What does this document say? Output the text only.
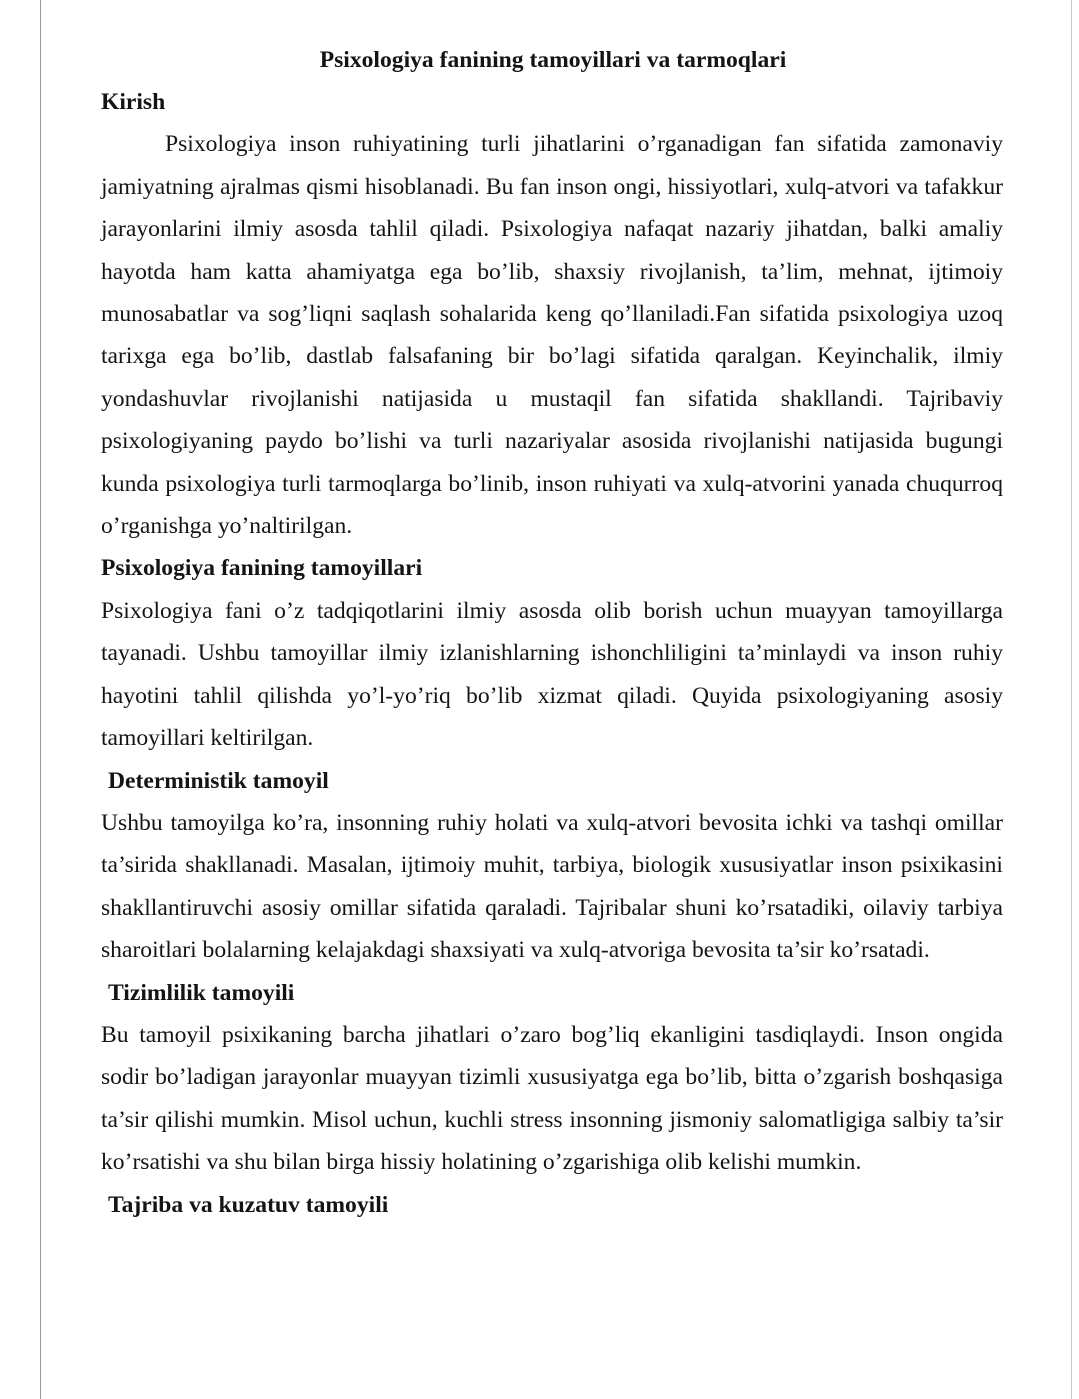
Psixologiya fanining tamoyillari va tarmoqlari
Kirish

Psixologiya inson ruhiyatining turli jihatlarini o’rganadigan fan sifatida zamonaviy jamiyatning ajralmas qismi hisoblanadi. Bu fan inson ongi, hissiyotlari, xulq-atvori va tafakkur jarayonlarini ilmiy asosda tahlil qiladi. Psixologiya nafaqat nazariy jihatdan, balki amaliy hayotda ham katta ahamiyatga ega bo’lib, shaxsiy rivojlanish, ta’lim, mehnat, ijtimoiy munosabatlar va sog’liqni saqlash sohalarida keng qo’llaniladi.Fan sifatida psixologiya uzoq tarixga ega bo’lib, dastlab falsafaning bir bo’lagi sifatida qaralgan. Keyinchalik, ilmiy yondashuvlar rivojlanishi natijasida u mustaqil fan sifatida shakllandi. Tajribaviy psixologiyaning paydo bo’lishi va turli nazariyalar asosida rivojlanishi natijasida bugungi kunda psixologiya turli tarmoqlarga bo’linib, inson ruhiyati va xulq-atvorini yanada chuqurroq o’rganishga yo’naltirilgan.

Psixologiya fanining tamoyillari

Psixologiya fani o’z tadqiqotlarini ilmiy asosda olib borish uchun muayyan tamoyillarga tayanadi. Ushbu tamoyillar ilmiy izlanishlarning ishonchliligini ta’minlaydi va inson ruhiy hayotini tahlil qilishda yo’l-yo’riq bo’lib xizmat qiladi. Quyida psixologiyaning asosiy tamoyillari keltirilgan.

Deterministik tamoyil

Ushbu tamoyilga ko’ra, insonning ruhiy holati va xulq-atvori bevosita ichki va tashqi omillar ta’sirida shakllanadi. Masalan, ijtimoiy muhit, tarbiya, biologik xususiyatlar inson psixikasini shakllantiruvchi asosiy omillar sifatida qaraladi. Tajribalar shuni ko’rsatadiki, oilaviy tarbiya sharoitlari bolalarning kelajakdagi shaxsiyati va xulq-atvoriga bevosita ta’sir ko’rsatadi.

Tizimlilik tamoyili

Bu tamoyil psixikaning barcha jihatlari o’zaro bog’liq ekanligini tasdiqlaydi. Inson ongida sodir bo’ladigan jarayonlar muayyan tizimli xususiyatga ega bo’lib, bitta o’zgarish boshqasiga ta’sir qilishi mumkin. Misol uchun, kuchli stress insonning jismoniy salomatligiga salbiy ta’sir ko’rsatishi va shu bilan birga hissiy holatining o’zgarishiga olib kelishi mumkin.

Tajriba va kuzatuv tamoyili
